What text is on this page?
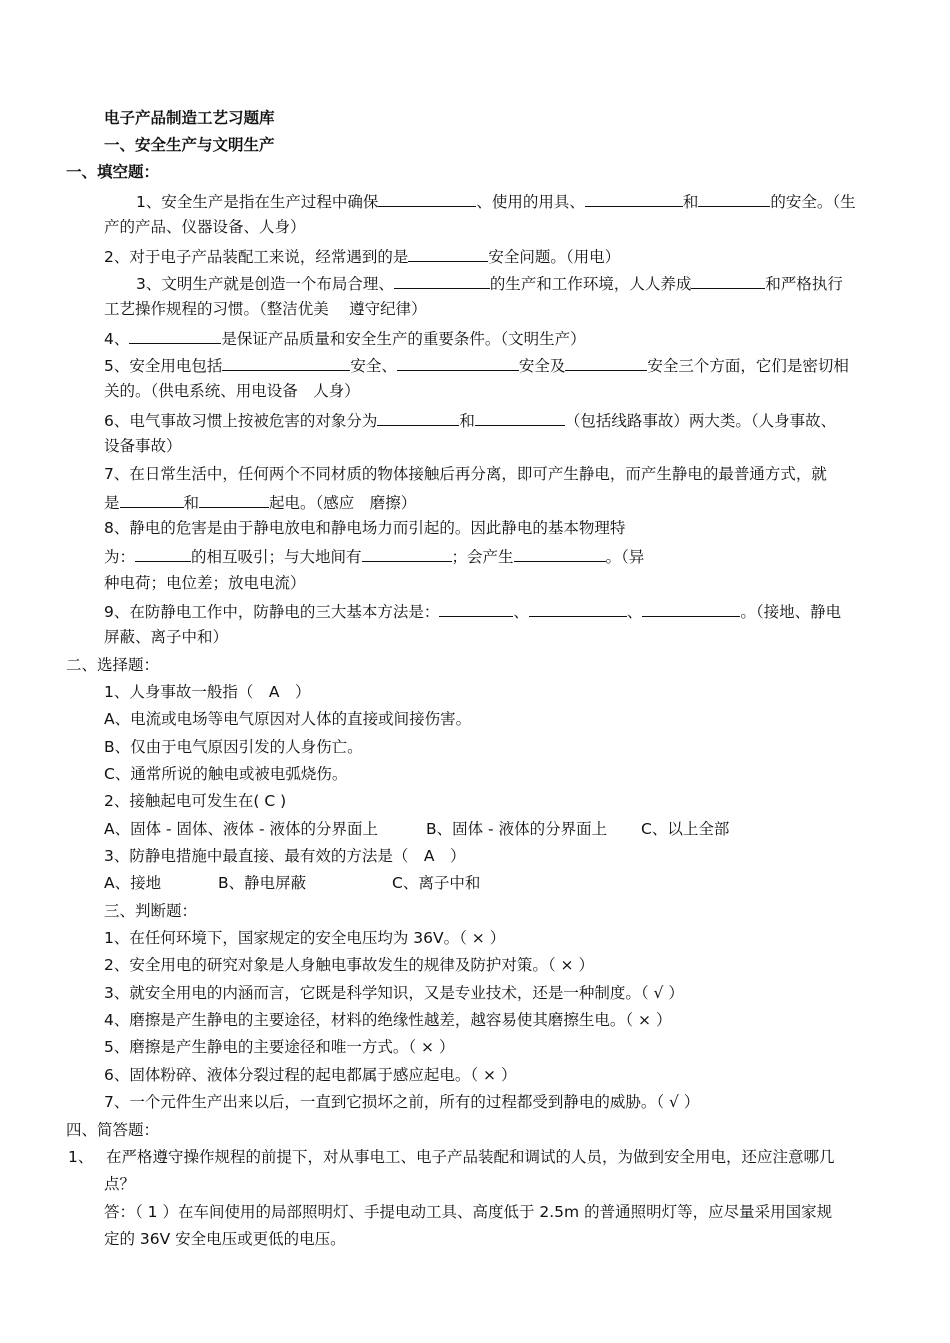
电子产品制造工艺习题库
一、安全生产与文明生产
一、填空题：
1、安全生产是指在生产过程中确保	、使用的用具、	和	的安全。（生
产的产品、仪器设备、人身）
2、对于电子产品装配工来说，经常遇到的是	安全问题。（用电）
3、文明生产就是创造一个布局合理、	的生产和工作环境，人人养成	和严格执行
工艺操作规程的习惯。（整洁优美　 遵守纪律）
4、	是保证产品质量和安全生产的重要条件。（文明生产）
5、安全用电包括	安全、	安全及	安全三个方面，它们是密切相
关的。（供电系统、用电设备　人身）
6、电气事故习惯上按被危害的对象分为	和	（包括线路事故）两大类。（人身事故、
设备事故）
7、在日常生活中，任何两个不同材质的物体接触后再分离，即可产生静电，而产生静电的最普通方式，就
是	和	起电。（感应　磨擦）
8、静电的危害是由于静电放电和静电场力而引起的。因此静电的基本物理特
为：	的相互吸引；与大地间有	；会产生	。（异
种电荷；电位差；放电电流）
9、在防静电工作中，防静电的三大基本方法是：	、	、	。（接地、静电
屏蔽、离子中和）
二、选择题：
1、人身事故一般指（　A　）
A、电流或电场等电气原因对人体的直接或间接伤害。
B、仅由于电气原因引发的人身伤亡。
C、通常所说的触电或被电弧烧伤。
2、接触起电可发生在( C )
A、固体 - 固体、液体 - 液体的分界面上	B、固体 - 液体的分界面上 C、以上全部
3、防静电措施中最直接、最有效的方法是（　A　）
A、接地	B、静电屏蔽	C、离子中和
三、判断题：
1、在任何环境下，国家规定的安全电压均为 36V。（ × ）
2、安全用电的研究对象是人身触电事故发生的规律及防护对策。（ × ）
3、就安全用电的内涵而言，它既是科学知识，又是专业技术，还是一种制度。（ √ ）
4、磨擦是产生静电的主要途径，材料的绝缘性越差，越容易使其磨擦生电。（ × ）
5、磨擦是产生静电的主要途径和唯一方式。（ × ）
6、固体粉碎、液体分裂过程的起电都属于感应起电。（ × ）
7、一个元件生产出来以后，一直到它损坏之前，所有的过程都受到静电的威胁。（ √ ）
四、简答题：
1、 在严格遵守操作规程的前提下，对从事电工、电子产品装配和调试的人员，为做到安全用电，还应注意哪几
点？
答：（ 1 ）在车间使用的局部照明灯、手提电动工具、高度低于 2.5m 的普通照明灯等，应尽量采用国家规
定的 36V 安全电压或更低的电压。
